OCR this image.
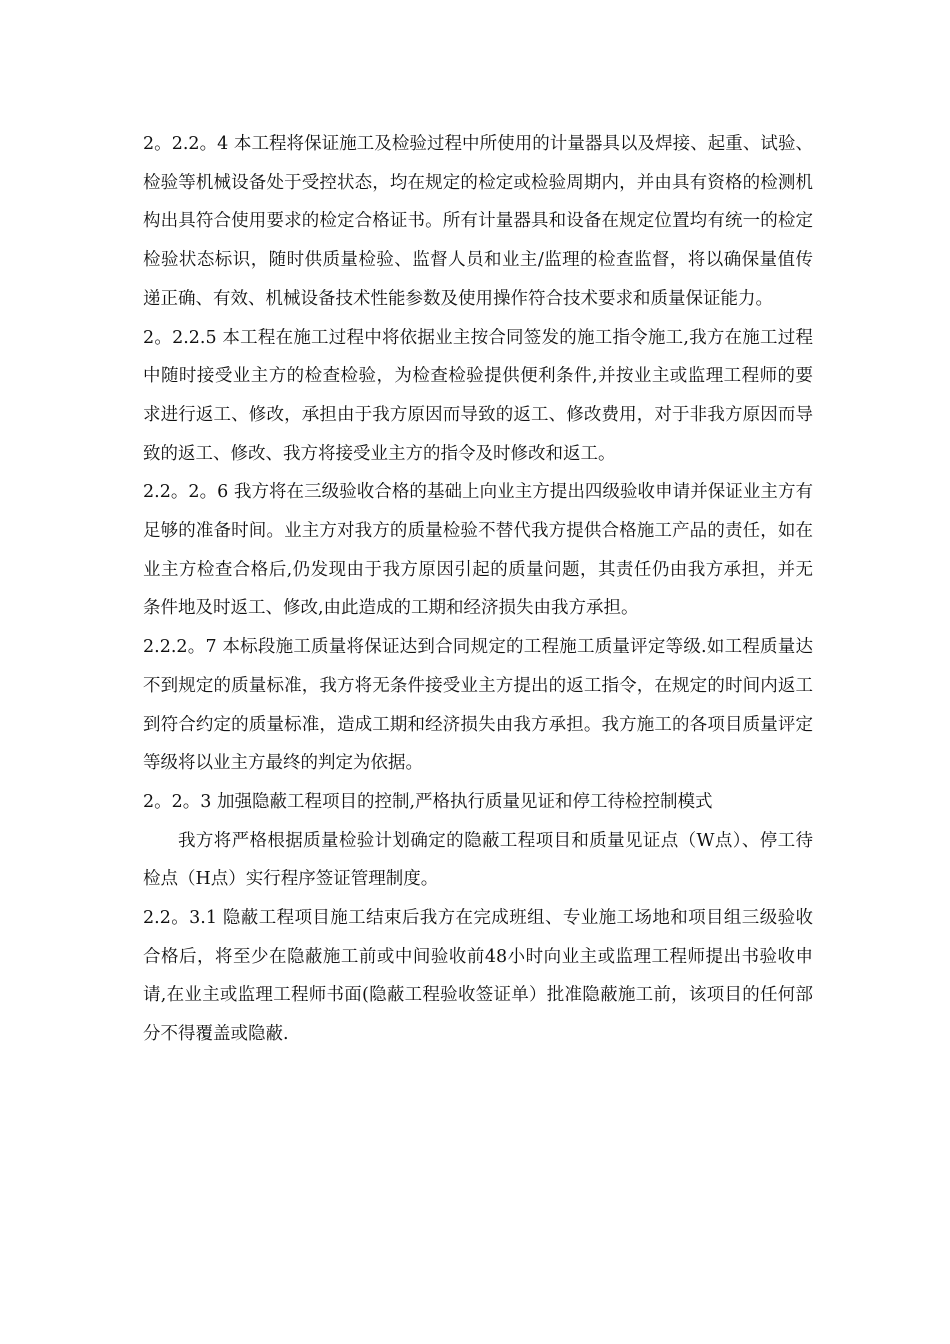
2。2.2。4 本工程将保证施工及检验过程中所使用的计量器具以及焊接、起重、试验、检验等机械设备处于受控状态，均在规定的检定或检验周期内，并由具有资格的检测机构出具符合使用要求的检定合格证书。所有计量器具和设备在规定位置均有统一的检定检验状态标识，随时供质量检验、监督人员和业主/监理的检查监督，将以确保量值传递正确、有效、机械设备技术性能参数及使用操作符合技术要求和质量保证能力。

2。2.2.5 本工程在施工过程中将依据业主按合同签发的施工指令施工,我方在施工过程中随时接受业主方的检查检验，为检查检验提供便利条件,并按业主或监理工程师的要求进行返工、修改，承担由于我方原因而导致的返工、修改费用，对于非我方原因而导致的返工、修改、我方将接受业主方的指令及时修改和返工。

2.2。2。6 我方将在三级验收合格的基础上向业主方提出四级验收申请并保证业主方有足够的准备时间。业主方对我方的质量检验不替代我方提供合格施工产品的责任，如在业主方检查合格后,仍发现由于我方原因引起的质量问题，其责任仍由我方承担，并无条件地及时返工、修改,由此造成的工期和经济损失由我方承担。

2.2.2。7 本标段施工质量将保证达到合同规定的工程施工质量评定等级.如工程质量达不到规定的质量标准，我方将无条件接受业主方提出的返工指令，在规定的时间内返工到符合约定的质量标准，造成工期和经济损失由我方承担。我方施工的各项目质量评定等级将以业主方最终的判定为依据。

2。2。3 加强隐蔽工程项目的控制,严格执行质量见证和停工待检控制模式

我方将严格根据质量检验计划确定的隐蔽工程项目和质量见证点（W点）、停工待检点（H点）实行程序签证管理制度。

2.2。3.1 隐蔽工程项目施工结束后我方在完成班组、专业施工场地和项目组三级验收合格后，将至少在隐蔽施工前或中间验收前48小时向业主或监理工程师提出书验收申请,在业主或监理工程师书面(隐蔽工程验收签证单）批准隐蔽施工前，该项目的任何部分不得覆盖或隐蔽.
